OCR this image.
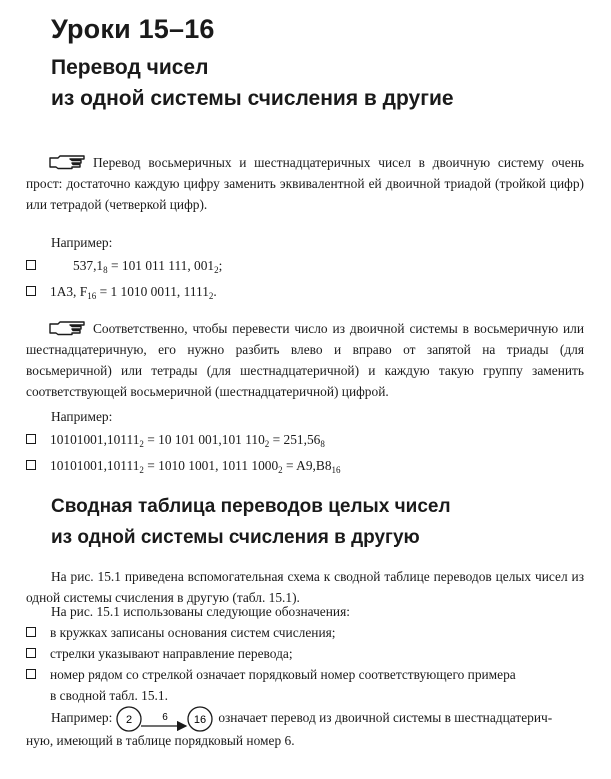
Уроки 15–16
Перевод чисел
из одной системы счисления в другие

Перевод восьмеричных и шестнадцатеричных чисел в двоичную систему очень прост: достаточно каждую цифру заменить эквивалентной ей двоичной триадой (тройкой цифр) или тетрадой (четверкой цифр).

Например:

$537,1_8 = 101$ 011 111, $001_2$;

1A3, $F_{16} = 1$ 1010 0011, $1111_2$.

Соответственно, чтобы перевести число из двоичной системы в восьмеричную или шестнадцатеричную, его нужно разбить влево и вправо от запятой на триады (для восьмеричной) или тетрады (для шестнадцатеричной) и каждую такую группу заменить соответствующей восьмеричной (шестнадцатеричной) цифрой.

Например:

$10101001,10111_2 = 10$ 101 001,101 $110_2 = 251,56_8$

$10101001,10111_2 = 1010$ 1001, 1011 $1000_2 = A9,B8_{16}$

Сводная таблица переводов целых чисел
из одной системы счисления в другую

На рис. 15.1 приведена вспомогательная схема к сводной таблице переводов целых чисел из одной системы счисления в другую (табл. 15.1).

На рис. 15.1 использованы следующие обозначения:

в кружках записаны основания систем счисления;

стрелки указывают направление перевода;

номер рядом со стрелкой означает порядковый номер соответствующего примера

в сводной табл. 15.1.

Например: 2	6 16 означает перевод из двоичной системы в шестнадцатерич-

ную, имеющий в таблице порядковый номер 6.
